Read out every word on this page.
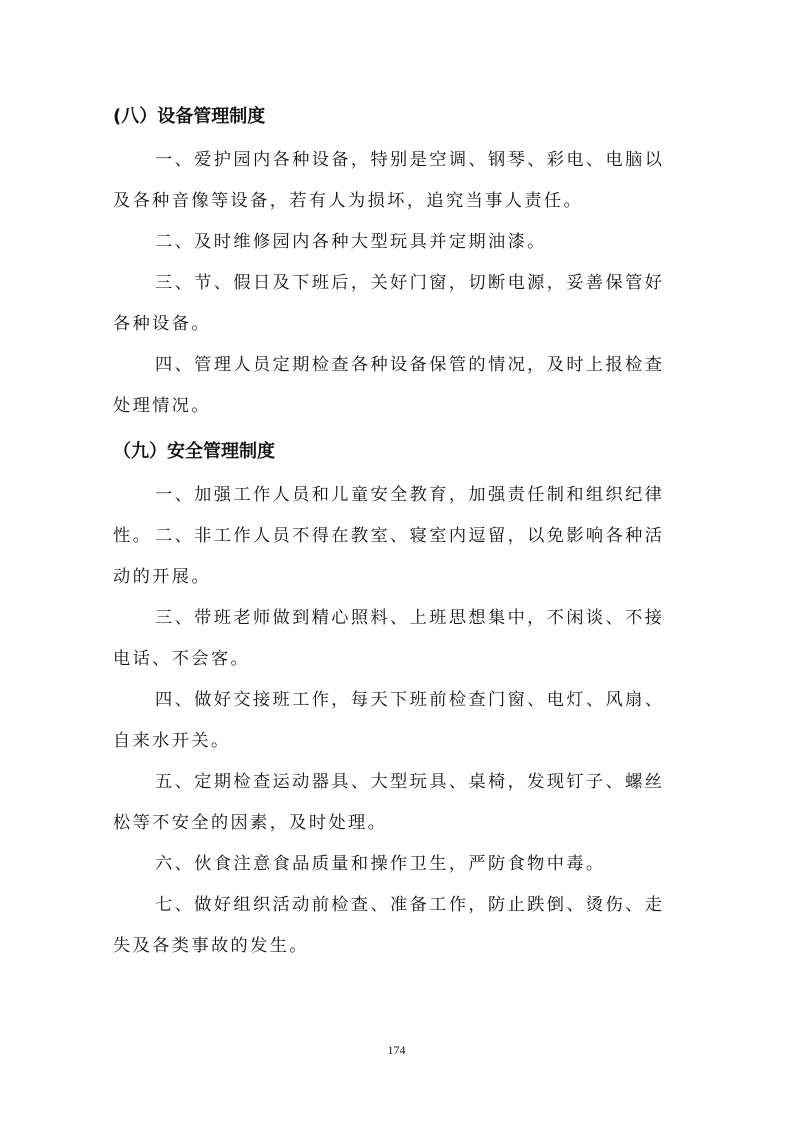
(八）设备管理制度

一、爱护园内各种设备，特别是空调、钢琴、彩电、电脑以及各种音像等设备，若有人为损坏，追究当事人责任。

二、及时维修园内各种大型玩具并定期油漆。

三、节、假日及下班后，关好门窗，切断电源，妥善保管好各种设备。

四、管理人员定期检查各种设备保管的情况，及时上报检查处理情况。

（九）安全管理制度

一、加强工作人员和儿童安全教育，加强责任制和组织纪律性。 二、非工作人员不得在教室、寝室内逗留，以免影响各种活动的开展。

三、带班老师做到精心照料、上班思想集中，不闲谈、不接电话、不会客。

四、做好交接班工作，每天下班前检查门窗、电灯、风扇、自来水开关。

五、定期检查运动器具、大型玩具、桌椅，发现钉子、螺丝松等不安全的因素，及时处理。

六、伙食注意食品质量和操作卫生，严防食物中毒。

七、做好组织活动前检查、准备工作，防止跌倒、烫伤、走失及各类事故的发生。

174
